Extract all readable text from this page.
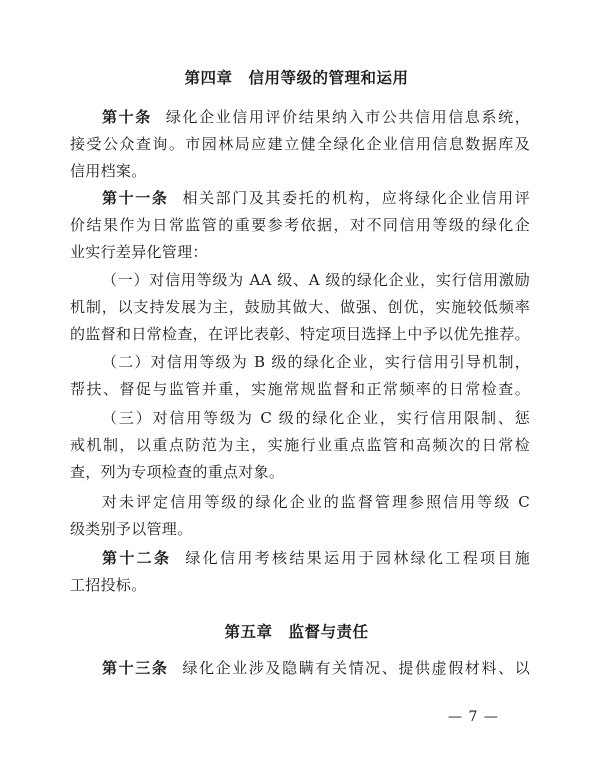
第四章　信用等级的管理和运用
第十条 绿化企业信用评价结果纳入市公共信用信息系统，
接受公众查询。市园林局应建立健全绿化企业信用信息数据库及
信用档案。
第十一条 相关部门及其委托的机构，应将绿化企业信用评
价结果作为日常监管的重要参考依据，对不同信用等级的绿化企
业实行差异化管理：
（一）对信用等级为 AA 级、A 级的绿化企业，实行信用激励
机制，以支持发展为主，鼓励其做大、做强、创优，实施较低频率
的监督和日常检查，在评比表彰、特定项目选择上中予以优先推荐。
（二）对信用等级为 B 级的绿化企业，实行信用引导机制，
帮扶、督促与监管并重，实施常规监督和正常频率的日常检查。
（三）对信用等级为 C 级的绿化企业，实行信用限制、惩
戒机制，以重点防范为主，实施行业重点监管和高频次的日常检
查，列为专项检查的重点对象。
对未评定信用等级的绿化企业的监督管理参照信用等级 C
级类别予以管理。
第十二条 绿化信用考核结果运用于园林绿化工程项目施
工招投标。
第五章　监督与责任
第十三条 绿化企业涉及隐瞒有关情况、提供虚假材料、以
— 7 —
